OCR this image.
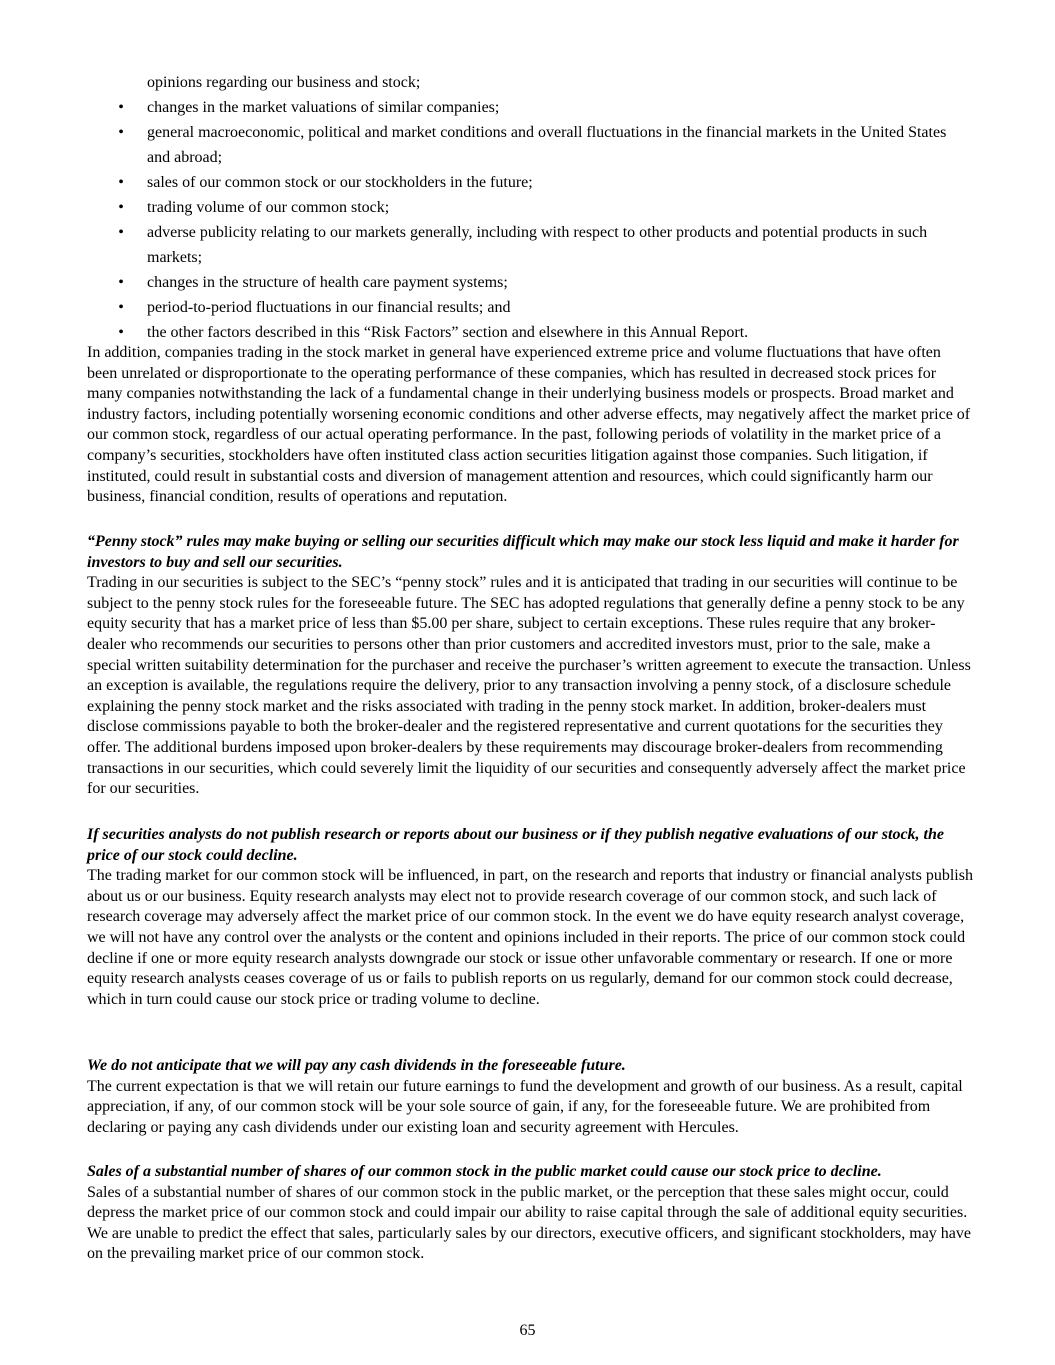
opinions regarding our business and stock;
• changes in the market valuations of similar companies;
• general macroeconomic, political and market conditions and overall fluctuations in the financial markets in the United States and abroad;
• sales of our common stock or our stockholders in the future;
• trading volume of our common stock;
• adverse publicity relating to our markets generally, including with respect to other products and potential products in such markets;
• changes in the structure of health care payment systems;
• period-to-period fluctuations in our financial results; and
• the other factors described in this “Risk Factors” section and elsewhere in this Annual Report.

In addition, companies trading in the stock market in general have experienced extreme price and volume fluctuations that have often been unrelated or disproportionate to the operating performance of these companies, which has resulted in decreased stock prices for many companies notwithstanding the lack of a fundamental change in their underlying business models or prospects. Broad market and industry factors, including potentially worsening economic conditions and other adverse effects, may negatively affect the market price of our common stock, regardless of our actual operating performance. In the past, following periods of volatility in the market price of a company’s securities, stockholders have often instituted class action securities litigation against those companies. Such litigation, if instituted, could result in substantial costs and diversion of management attention and resources, which could significantly harm our business, financial condition, results of operations and reputation.

“Penny stock” rules may make buying or selling our securities difficult which may make our stock less liquid and make it harder for investors to buy and sell our securities.

Trading in our securities is subject to the SEC’s “penny stock” rules and it is anticipated that trading in our securities will continue to be subject to the penny stock rules for the foreseeable future. The SEC has adopted regulations that generally define a penny stock to be any equity security that has a market price of less than $5.00 per share, subject to certain exceptions. These rules require that any broker-dealer who recommends our securities to persons other than prior customers and accredited investors must, prior to the sale, make a special written suitability determination for the purchaser and receive the purchaser’s written agreement to execute the transaction. Unless an exception is available, the regulations require the delivery, prior to any transaction involving a penny stock, of a disclosure schedule explaining the penny stock market and the risks associated with trading in the penny stock market. In addition, broker-dealers must disclose commissions payable to both the broker-dealer and the registered representative and current quotations for the securities they offer. The additional burdens imposed upon broker-dealers by these requirements may discourage broker-dealers from recommending transactions in our securities, which could severely limit the liquidity of our securities and consequently adversely affect the market price for our securities.

If securities analysts do not publish research or reports about our business or if they publish negative evaluations of our stock, the price of our stock could decline.

The trading market for our common stock will be influenced, in part, on the research and reports that industry or financial analysts publish about us or our business. Equity research analysts may elect not to provide research coverage of our common stock, and such lack of research coverage may adversely affect the market price of our common stock. In the event we do have equity research analyst coverage, we will not have any control over the analysts or the content and opinions included in their reports. The price of our common stock could decline if one or more equity research analysts downgrade our stock or issue other unfavorable commentary or research. If one or more equity research analysts ceases coverage of us or fails to publish reports on us regularly, demand for our common stock could decrease, which in turn could cause our stock price or trading volume to decline.

We do not anticipate that we will pay any cash dividends in the foreseeable future.

The current expectation is that we will retain our future earnings to fund the development and growth of our business. As a result, capital appreciation, if any, of our common stock will be your sole source of gain, if any, for the foreseeable future. We are prohibited from declaring or paying any cash dividends under our existing loan and security agreement with Hercules.

Sales of a substantial number of shares of our common stock in the public market could cause our stock price to decline.

Sales of a substantial number of shares of our common stock in the public market, or the perception that these sales might occur, could depress the market price of our common stock and could impair our ability to raise capital through the sale of additional equity securities. We are unable to predict the effect that sales, particularly sales by our directors, executive officers, and significant stockholders, may have on the prevailing market price of our common stock.

65
